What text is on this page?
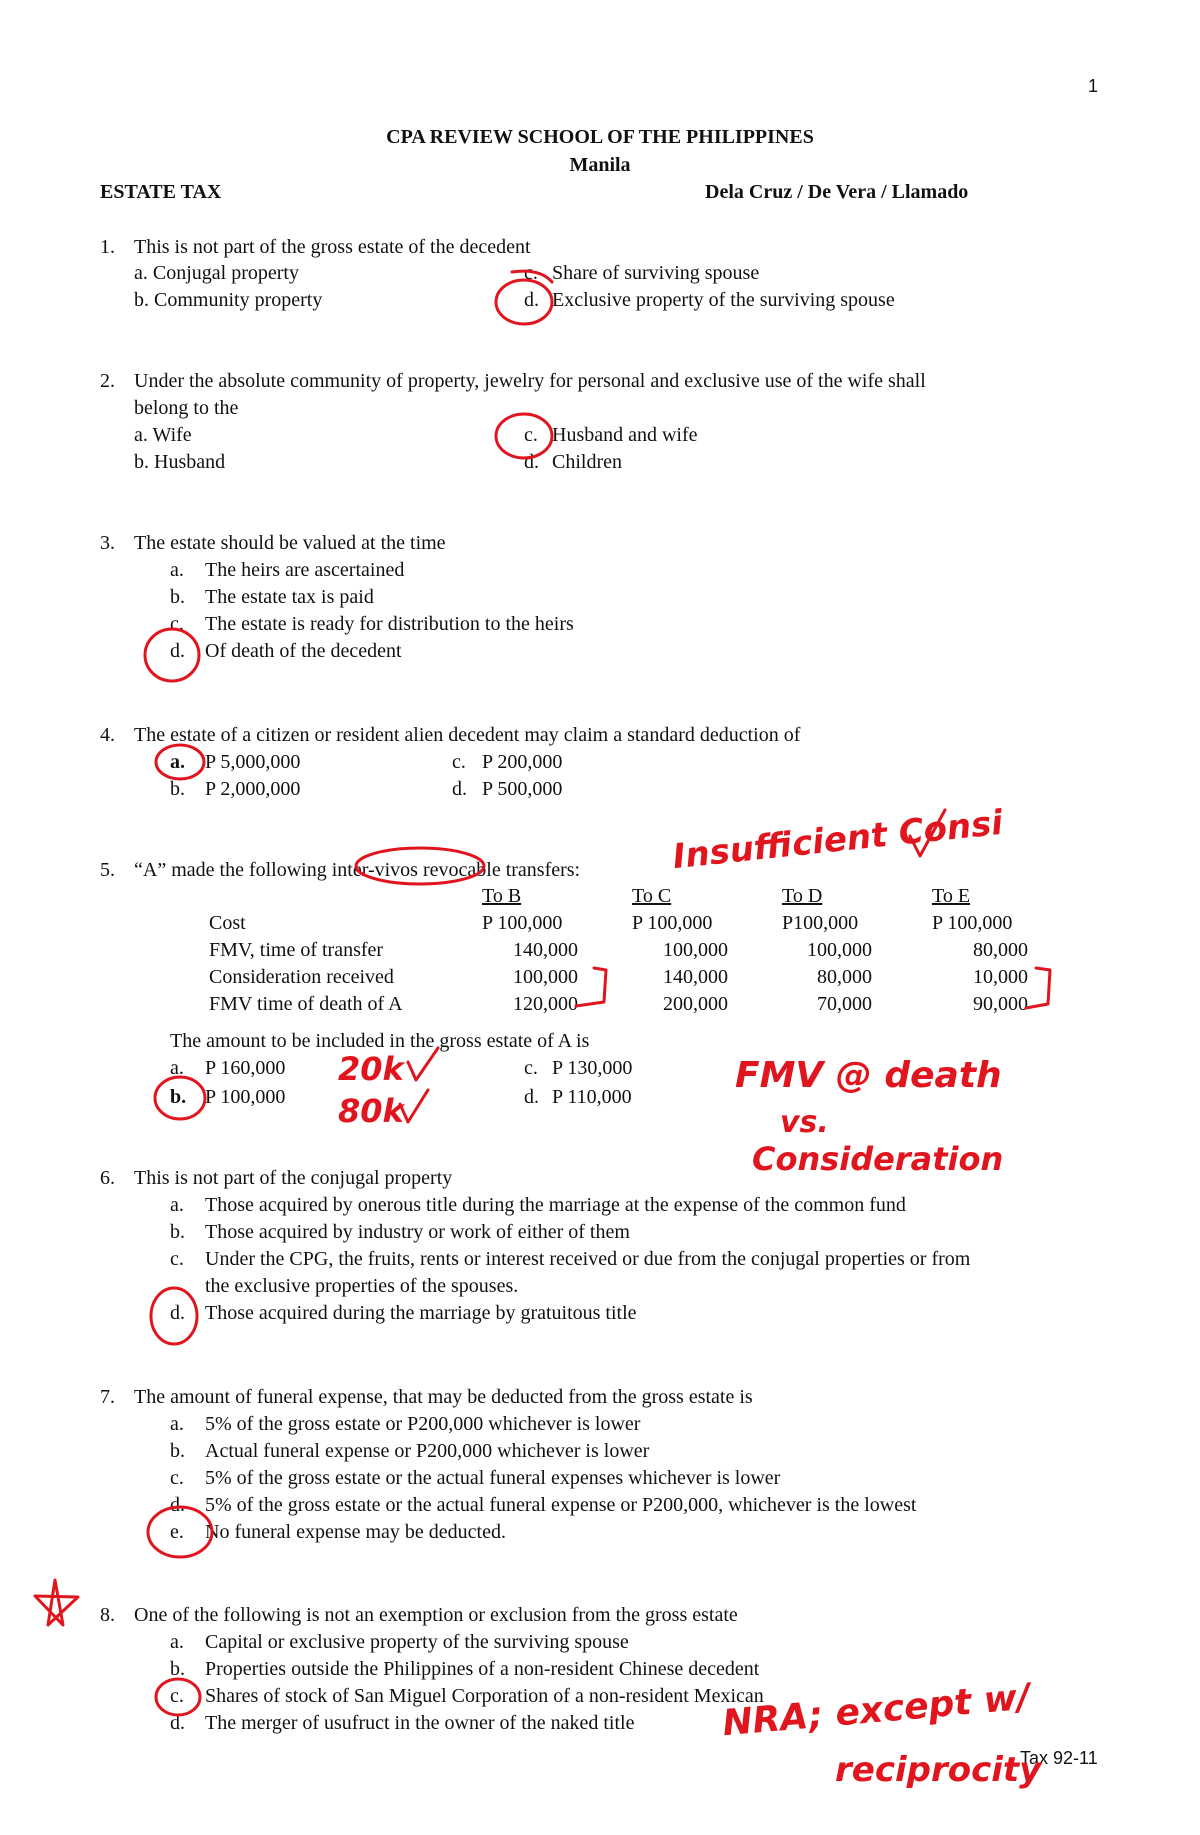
1
CPA REVIEW SCHOOL OF THE PHILIPPINES
Manila
ESTATE TAX	Dela Cruz / De Vera / Llamado
1. This is not part of the gross estate of the decedent
a. Conjugal property
b. Community property
c. Share of surviving spouse
d. Exclusive property of the surviving spouse
2. Under the absolute community of property, jewelry for personal and exclusive use of the wife shall
belong to the
a. Wife
b. Husband
c. Husband and wife
d. Children
3. The estate should be valued at the time
a. The heirs are ascertained
b. The estate tax is paid
c. The estate is ready for distribution to the heirs
d. Of death of the decedent
4. The estate of a citizen or resident alien decedent may claim a standard deduction of
a. P 5,000,000
b. P 2,000,000
c. P 200,000
d. P 500,000
5. “A” made the following inter-vivos revocable transfers:
To B	To C	To D	To E
Cost	P 100,000	P 100,000	P100,000	P 100,000
FMV, time of transfer	140,000	100,000	100,000	80,000
Consideration received	100,000	140,000	80,000	10,000
FMV time of death of A	120,000	200,000	70,000	90,000
The amount to be included in the gross estate of A is
a. P 160,000
b. P 100,000
c. P 130,000
d. P 110,000
6. This is not part of the conjugal property
a. Those acquired by onerous title during the marriage at the expense of the common fund
b. Those acquired by industry or work of either of them
c. Under the CPG, the fruits, rents or interest received or due from the conjugal properties or from
the exclusive properties of the spouses.
d. Those acquired during the marriage by gratuitous title
7. The amount of funeral expense, that may be deducted from the gross estate is
a. 5% of the gross estate or P200,000 whichever is lower
b. Actual funeral expense or P200,000 whichever is lower
c. 5% of the gross estate or the actual funeral expenses whichever is lower
d. 5% of the gross estate or the actual funeral expense or P200,000, whichever is the lowest
e. No funeral expense may be deducted.
8. One of the following is not an exemption or exclusion from the gross estate
a. Capital or exclusive property of the surviving spouse
b. Properties outside the Philippines of a non-resident Chinese decedent
c. Shares of stock of San Miguel Corporation of a non-resident Mexican
d. The merger of usufruct in the owner of the naked title
Tax 92-11
Insufficient Consi
20k
80k
FMV @ death
vs.
Consideration
NRA; except w/
reciprocity
